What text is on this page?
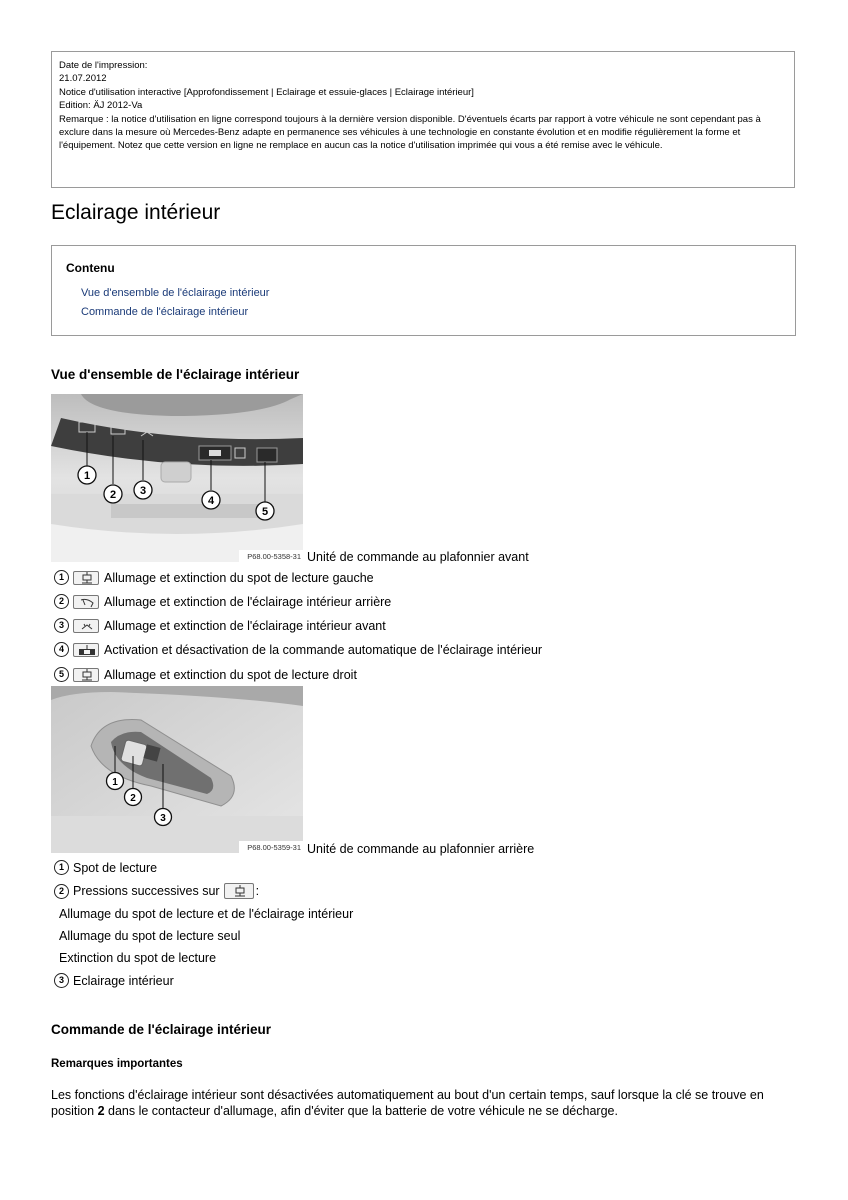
Date de l'impression:

21.07.2012

Notice d'utilisation interactive [Approfondissement | Eclairage et essuie-glaces | Eclairage intérieur]

Edition: ÄJ 2012-Va

Remarque : la notice d'utilisation en ligne correspond toujours à la dernière version disponible. D'éventuels écarts par rapport à votre véhicule ne sont cependant pas à exclure dans la mesure où Mercedes-Benz adapte en permanence ses véhicules à une technologie en constante évolution et en modifie régulièrement la forme et l'équipement. Notez que cette version en ligne ne remplace en aucun cas la notice d'utilisation imprimée qui vous a été remise avec le véhicule.

Eclairage intérieur
Contenu
Vue d'ensemble de l'éclairage intérieur
Commande de l'éclairage intérieur
Vue d'ensemble de l'éclairage intérieur
1
2 3
4
5
P68.00-5358-31 Unité de commande au plafonnier avant
1	Allumage et extinction du spot de lecture gauche
2	Allumage et extinction de l'éclairage intérieur arrière
3	Allumage et extinction de l'éclairage intérieur avant
4	Activation et désactivation de la commande automatique de l'éclairage intérieur
5	Allumage et extinction du spot de lecture droit
1
2
3
P68.00-5359-31 Unité de commande au plafonnier arrière
1 Spot de lecture
2 Pressions successives sur	:
Allumage du spot de lecture et de l'éclairage intérieur
Allumage du spot de lecture seul
Extinction du spot de lecture
3 Eclairage intérieur
Commande de l'éclairage intérieur
Remarques importantes
Les fonctions d'éclairage intérieur sont désactivées automatiquement au bout d'un certain temps, sauf lorsque la clé se trouve en position 2 dans le contacteur d'allumage, afin d'éviter que la batterie de votre véhicule ne se décharge.
